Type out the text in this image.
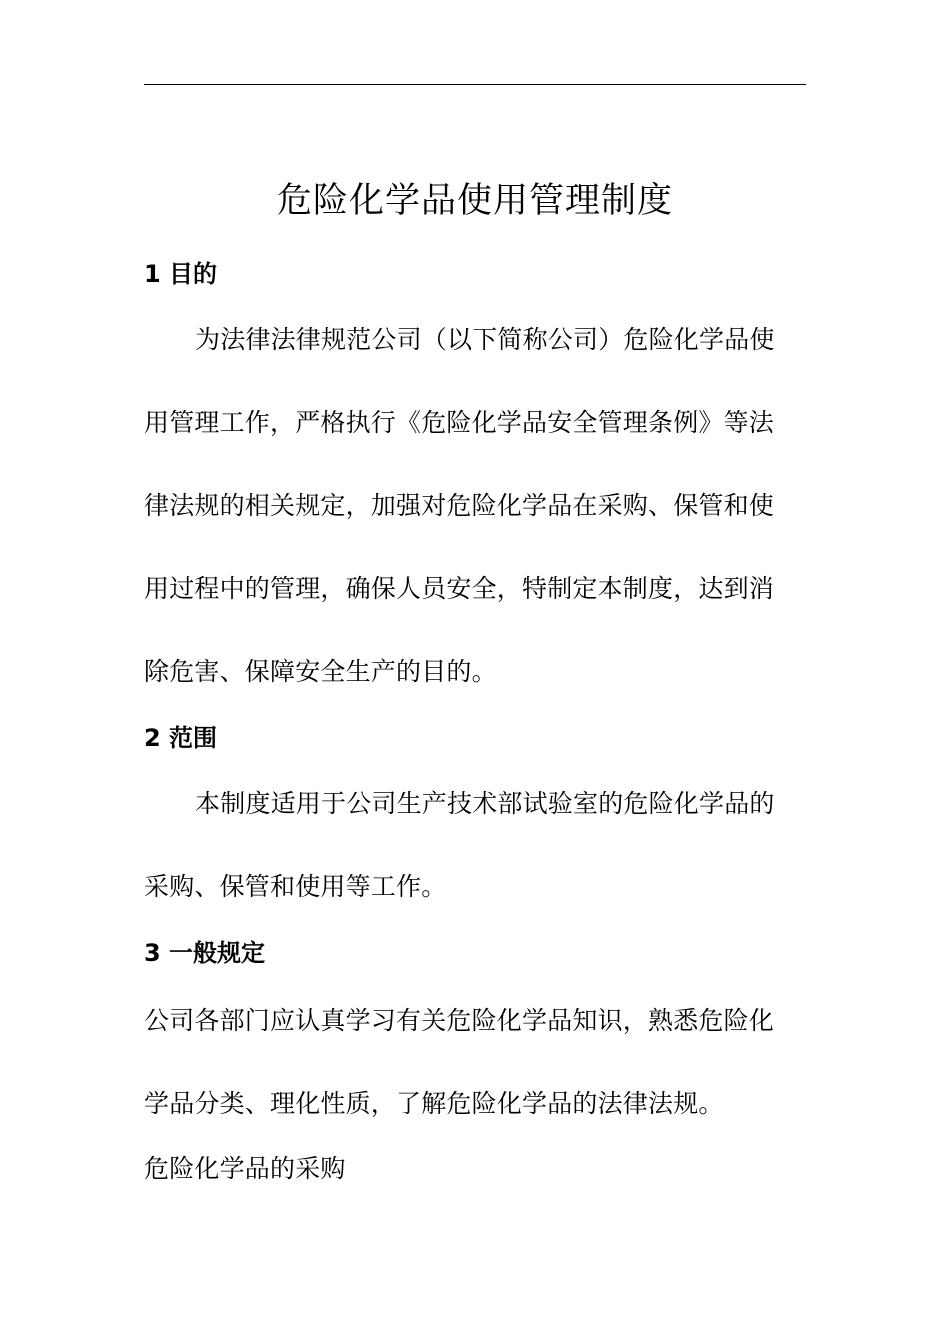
危险化学品使用管理制度
1 目的
为法律法律规范公司（以下简称公司）危险化学品使
用管理工作，严格执行《危险化学品安全管理条例》等法
律法规的相关规定，加强对危险化学品在采购、保管和使
用过程中的管理，确保人员安全，特制定本制度，达到消
除危害、保障安全生产的目的。
2 范围
本制度适用于公司生产技术部试验室的危险化学品的
采购、保管和使用等工作。
3 一般规定
公司各部门应认真学习有关危险化学品知识，熟悉危险化
学品分类、理化性质，了解危险化学品的法律法规。
危险化学品的采购
